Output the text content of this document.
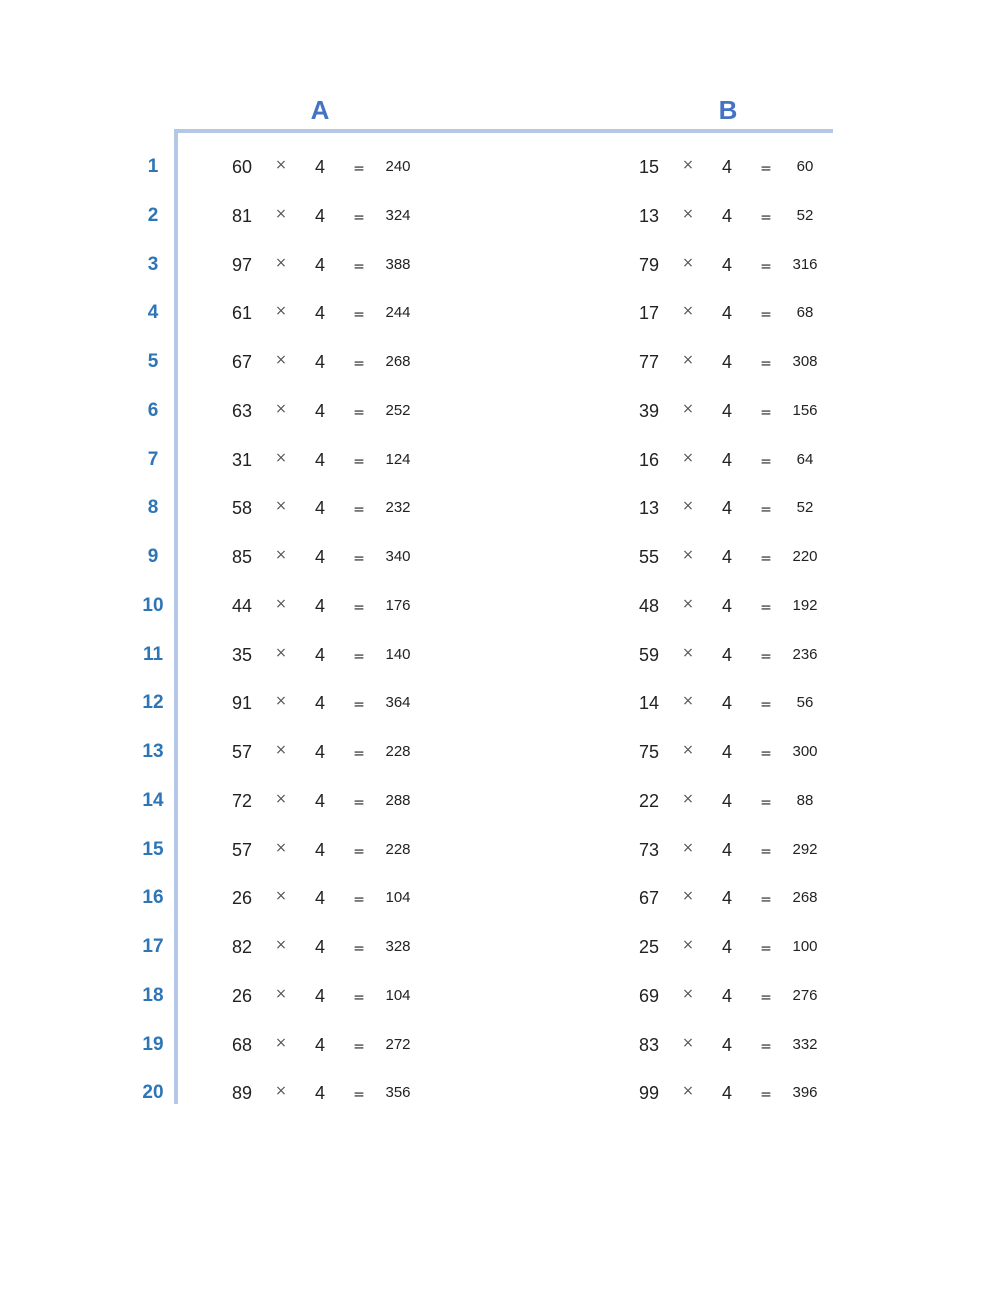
A	B
1	60	×	4	=	240	15	×	4	=	60
2	81	×	4	=	324	13	×	4	=	52
3	97	×	4	=	388	79	×	4	=	316
4	61	×	4	=	244	17	×	4	=	68
5	67	×	4	=	268	77	×	4	=	308
6	63	×	4	=	252	39	×	4	=	156
7	31	×	4	=	124	16	×	4	=	64
8	58	×	4	=	232	13	×	4	=	52
9	85	×	4	=	340	55	×	4	=	220
10	44	×	4	=	176	48	×	4	=	192
11	35	×	4	=	140	59	×	4	=	236
12	91	×	4	=	364	14	×	4	=	56
13	57	×	4	=	228	75	×	4	=	300
14	72	×	4	=	288	22	×	4	=	88
15	57	×	4	=	228	73	×	4	=	292
16	26	×	4	=	104	67	×	4	=	268
17	82	×	4	=	328	25	×	4	=	100
18	26	×	4	=	104	69	×	4	=	276
19	68	×	4	=	272	83	×	4	=	332
20	89	×	4	=	356	99	×	4	=	396
